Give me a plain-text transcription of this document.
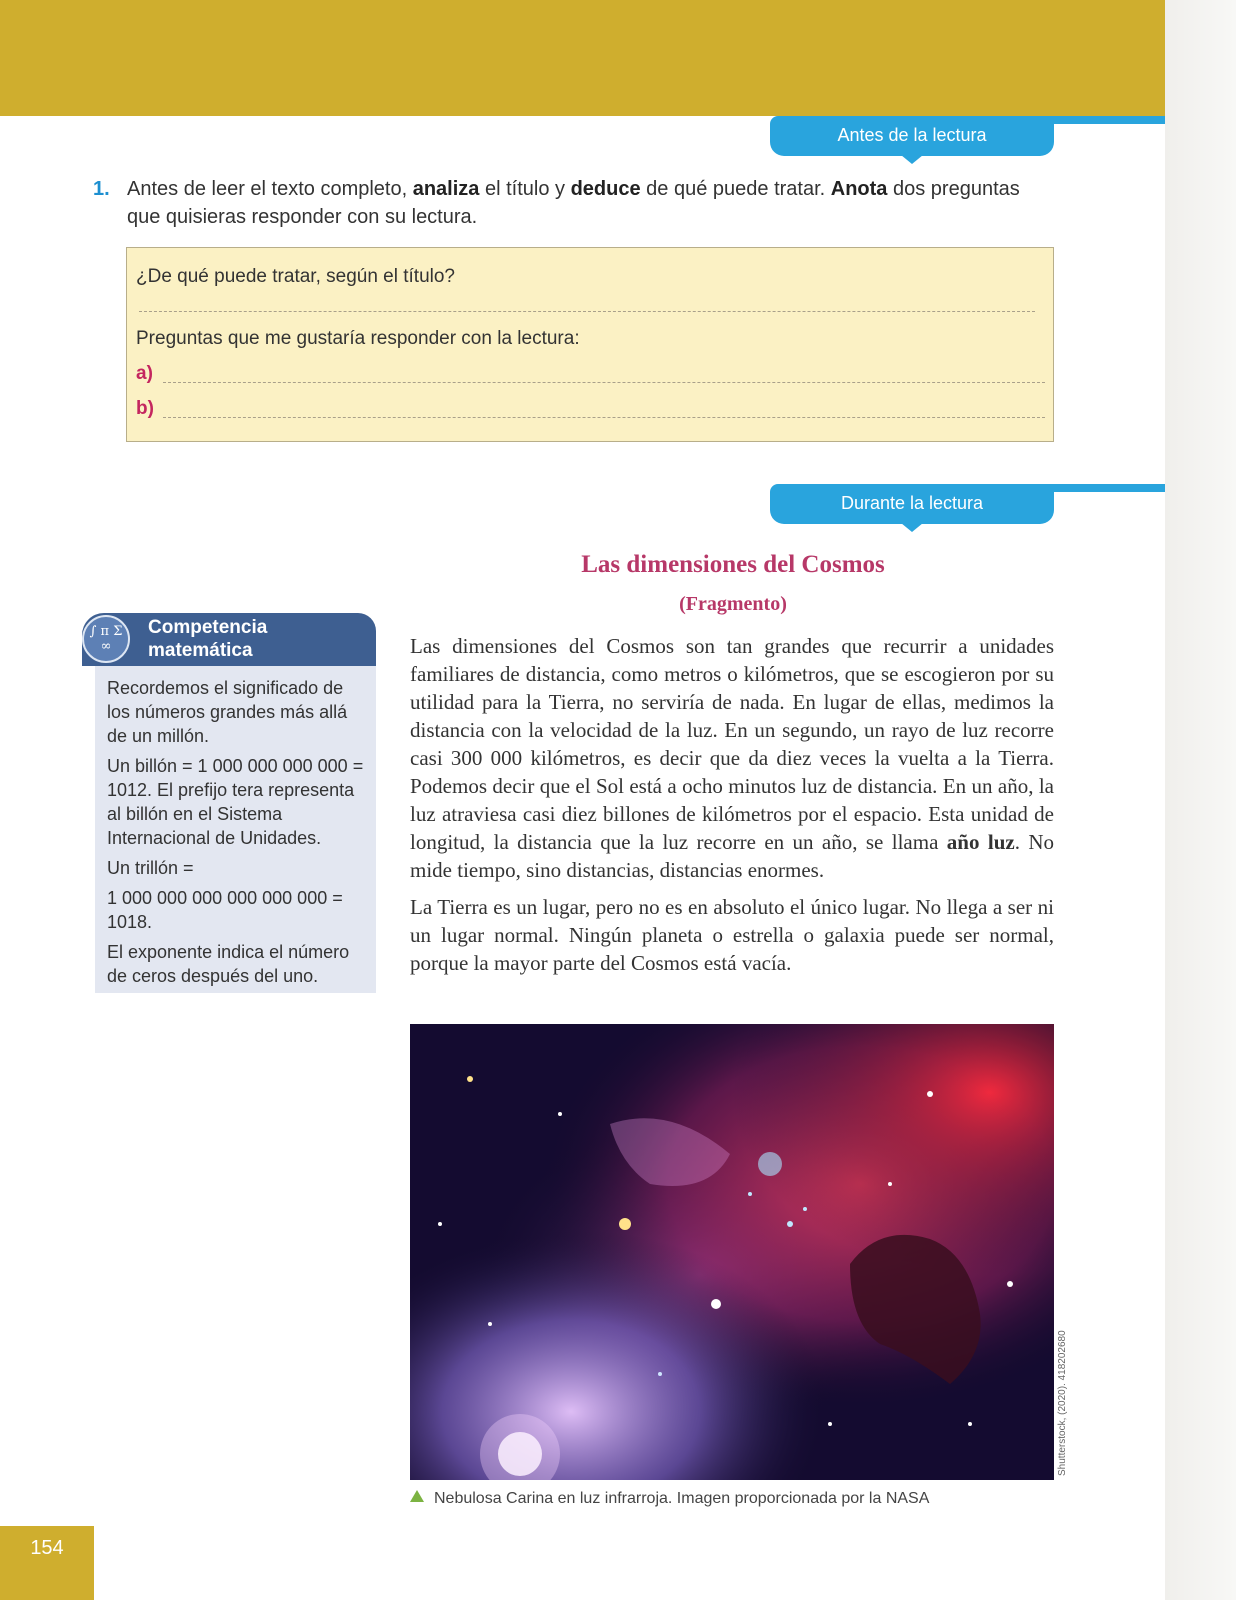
Antes de la lectura
1. Antes de leer el texto completo, analiza el título y deduce de qué puede tratar. Anota dos preguntas que quisieras responder con su lectura.
¿De qué puede tratar, según el título?
Preguntas que me gustaría responder con la lectura:
a)
b)
Durante la lectura
∫ π Σ ∞
Competencia
matemática

Recordemos el significado de los números grandes más allá de un millón.

Un billón = 1 000 000 000 000 = 1012. El prefijo tera representa al billón en el Sistema Internacional de Unidades.

Un trillón =

1 000 000 000 000 000 000 = 1018.

El exponente indica el número de ceros después del uno.

Las dimensiones del Cosmos
(Fragmento)

Las dimensiones del Cosmos son tan grandes que recurrir a unidades familiares de distancia, como metros o kilómetros, que se escogieron por su utilidad para la Tierra, no serviría de nada. En lugar de ellas, medimos la distancia con la velocidad de la luz. En un segundo, un rayo de luz recorre casi 300 000 kilómetros, es decir que da diez veces la vuelta a la Tierra. Podemos decir que el Sol está a ocho minutos luz de distancia. En un año, la luz atraviesa casi diez billones de kilómetros por el espacio. Esta unidad de longitud, la distancia que la luz recorre en un año, se llama año luz. No mide tiempo, sino distancias, distancias enormes.

La Tierra es un lugar, pero no es en absoluto el único lugar. No llega a ser ni un lugar normal. Ningún planeta o estrella o galaxia puede ser normal, porque la mayor parte del Cosmos está vacía.

Shutterstock, (2020). 418202680
Nebulosa Carina en luz infrarroja. Imagen proporcionada por la NASA
154
